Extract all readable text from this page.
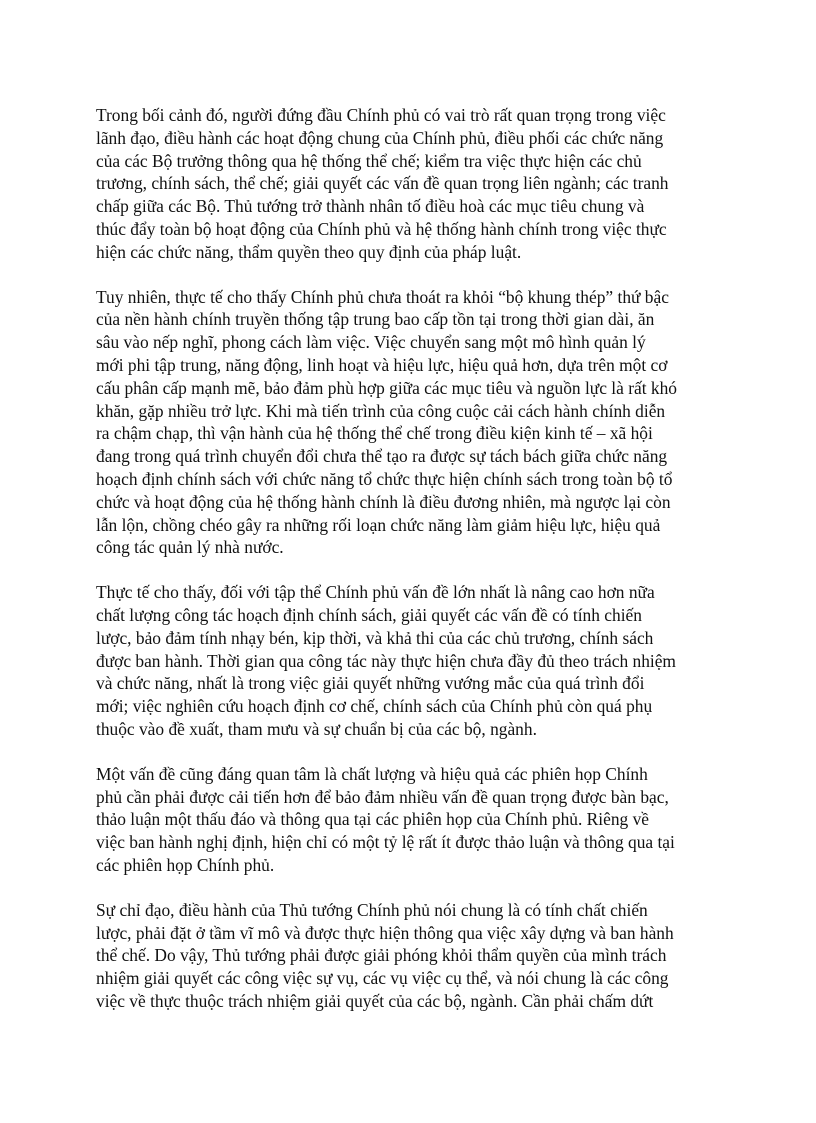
Trong bối cảnh đó, người đứng đầu Chính phủ có vai trò rất quan trọng trong việc
lãnh đạo, điều hành các hoạt động chung của Chính phủ, điều phối các chức năng
của các Bộ trưởng thông qua hệ thống thể chế; kiểm tra việc thực hiện các chủ
trương, chính sách, thể chế; giải quyết các vấn đề quan trọng liên ngành; các tranh
chấp giữa các Bộ. Thủ tướng trở thành nhân tố điều hoà các mục tiêu chung và
thúc đẩy toàn bộ hoạt động của Chính phủ và hệ thống hành chính trong việc thực
hiện các chức năng, thẩm quyền theo quy định của pháp luật.

Tuy nhiên, thực tế cho thấy Chính phủ chưa thoát ra khỏi “bộ khung thép” thứ bậc
của nền hành chính truyền thống tập trung bao cấp tồn tại trong thời gian dài, ăn
sâu vào nếp nghĩ, phong cách làm việc. Việc chuyển sang một mô hình quản lý
mới phi tập trung, năng động, linh hoạt và hiệu lực, hiệu quả hơn, dựa trên một cơ
cấu phân cấp mạnh mẽ, bảo đảm phù hợp giữa các mục tiêu và nguồn lực là rất khó
khăn, gặp nhiều trở lực. Khi mà tiến trình của công cuộc cải cách hành chính diễn
ra chậm chạp, thì vận hành của hệ thống thể chế trong điều kiện kinh tế – xã hội
đang trong quá trình chuyển đổi chưa thể tạo ra được sự tách bách giữa chức năng
hoạch định chính sách với chức năng tổ chức thực hiện chính sách trong toàn bộ tổ
chức và hoạt động của hệ thống hành chính là điều đương nhiên, mà ngược lại còn
lẫn lộn, chồng chéo gây ra những rối loạn chức năng làm giảm hiệu lực, hiệu quả
công tác quản lý nhà nước.

Thực tế cho thấy, đối với tập thể Chính phủ vấn đề lớn nhất là nâng cao hơn nữa
chất lượng công tác hoạch định chính sách, giải quyết các vấn đề có tính chiến
lược, bảo đảm tính nhạy bén, kịp thời, và khả thi của các chủ trương, chính sách
được ban hành. Thời gian qua công tác này thực hiện chưa đầy đủ theo trách nhiệm
và chức năng, nhất là trong việc giải quyết những vướng mắc của quá trình đổi
mới; việc nghiên cứu hoạch định cơ chế, chính sách của Chính phủ còn quá phụ
thuộc vào đề xuất, tham mưu và sự chuẩn bị của các bộ, ngành.

Một vấn đề cũng đáng quan tâm là chất lượng và hiệu quả các phiên họp Chính
phủ cần phải được cải tiến hơn để bảo đảm nhiều vấn đề quan trọng được bàn bạc,
thảo luận một thấu đáo và thông qua tại các phiên họp của Chính phủ. Riêng về
việc ban hành nghị định, hiện chỉ có một tỷ lệ rất ít được thảo luận và thông qua tại
các phiên họp Chính phủ.

Sự chỉ đạo, điều hành của Thủ tướng Chính phủ nói chung là có tính chất chiến
lược, phải đặt ở tầm vĩ mô và được thực hiện thông qua việc xây dựng và ban hành
thể chế. Do vậy, Thủ tướng phải được giải phóng khỏi thẩm quyền của mình trách
nhiệm giải quyết các công việc sự vụ, các vụ việc cụ thể, và nói chung là các công
việc về thực thuộc trách nhiệm giải quyết của các bộ, ngành. Cần phải chấm dứt
